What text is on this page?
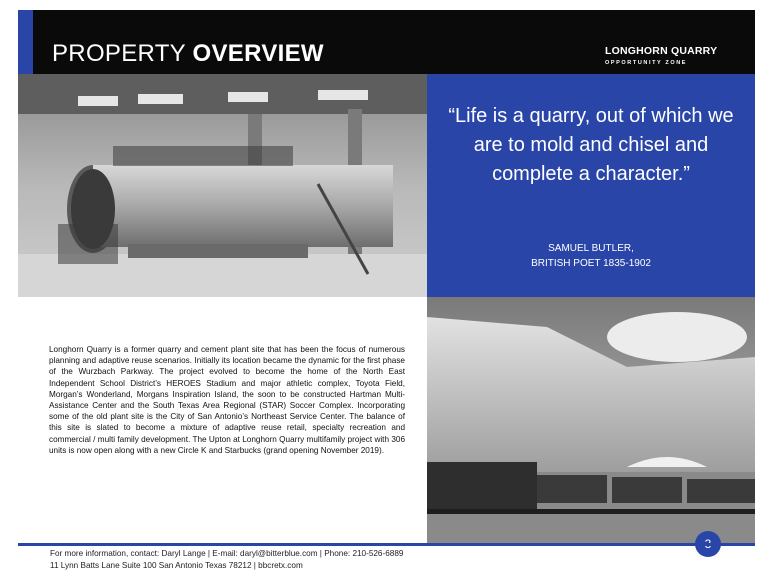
PROPERTY OVERVIEW	LONGHORN QUARRY
OPPORTUNITY ZONE
“Life is a quarry, out of which we are to mold and chisel and complete a character.”
SAMUEL BUTLER,
BRITISH POET 1835-1902
Longhorn Quarry is a former quarry and cement plant site that has been the focus of numerous planning and adaptive reuse scenarios. Initially its location became the dynamic for the first phase of the Wurzbach Parkway. The project evolved to become the home of the North East Independent School District’s HEROES Stadium and major athletic complex, Toyota Field, Morgan’s Wonderland, Morgans Inspiration Island, the soon to be constructed Hartman Multi-Assistance Center and the South Texas Area Regional (STAR) Soccer Complex. Incorporating some of the old plant site is the City of San Antonio’s Northeast Service Center. The balance of this site is slated to become a mixture of adaptive reuse retail, specialty recreation and commercial / multi family development. The Upton at Longhorn Quarry multifamily project with 306 units is now open along with a new Circle K and Starbucks (grand opening November 2019).
For more information, contact: Daryl Lange | E-mail: daryl@bitterblue.com | Phone: 210-526-6889
11 Lynn Batts Lane Suite 100 San Antonio Texas 78212 | bbcretx.com
